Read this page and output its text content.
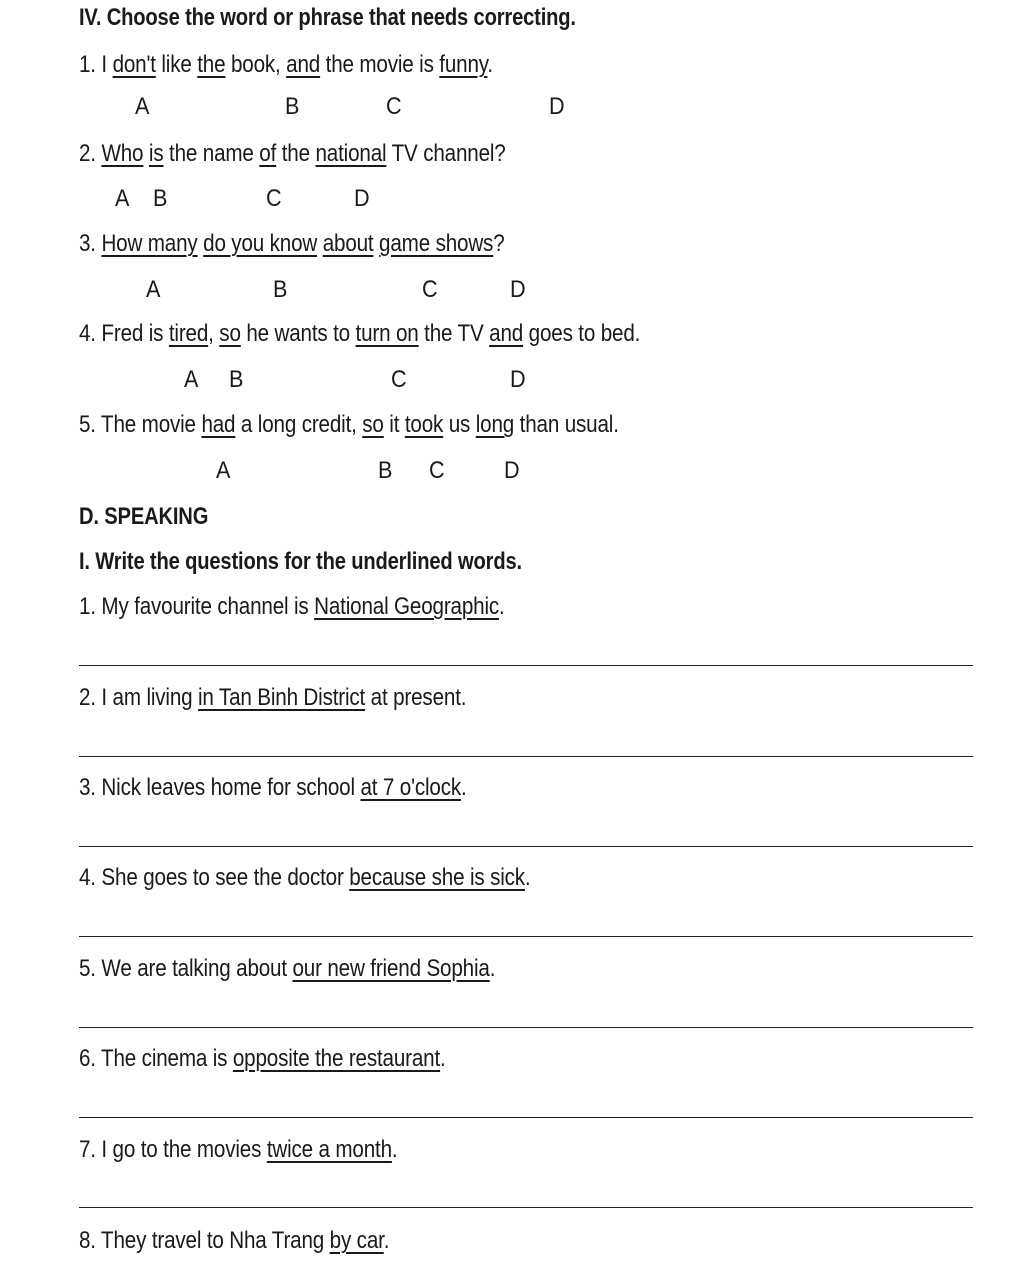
IV. Choose the word or phrase that needs correcting.
1. I don't like the book, and the movie is funny.
A	B	C	D
2. Who is the name of the national TV channel?
A B	C	D
3. How many do you know about game shows?
A	B	C	D
4. Fred is tired, so he wants to turn on the TV and goes to bed.
A B	C	D
5. The movie had a long credit, so it took us long than usual.
A	B C D
D. SPEAKING
I. Write the questions for the underlined words.
1. My favourite channel is National Geographic.
2. I am living in Tan Binh District at present.
3. Nick leaves home for school at 7 o'clock.
4. She goes to see the doctor because she is sick.
5. We are talking about our new friend Sophia.
6. The cinema is opposite the restaurant.
7. I go to the movies twice a month.
8. They travel to Nha Trang by car.
